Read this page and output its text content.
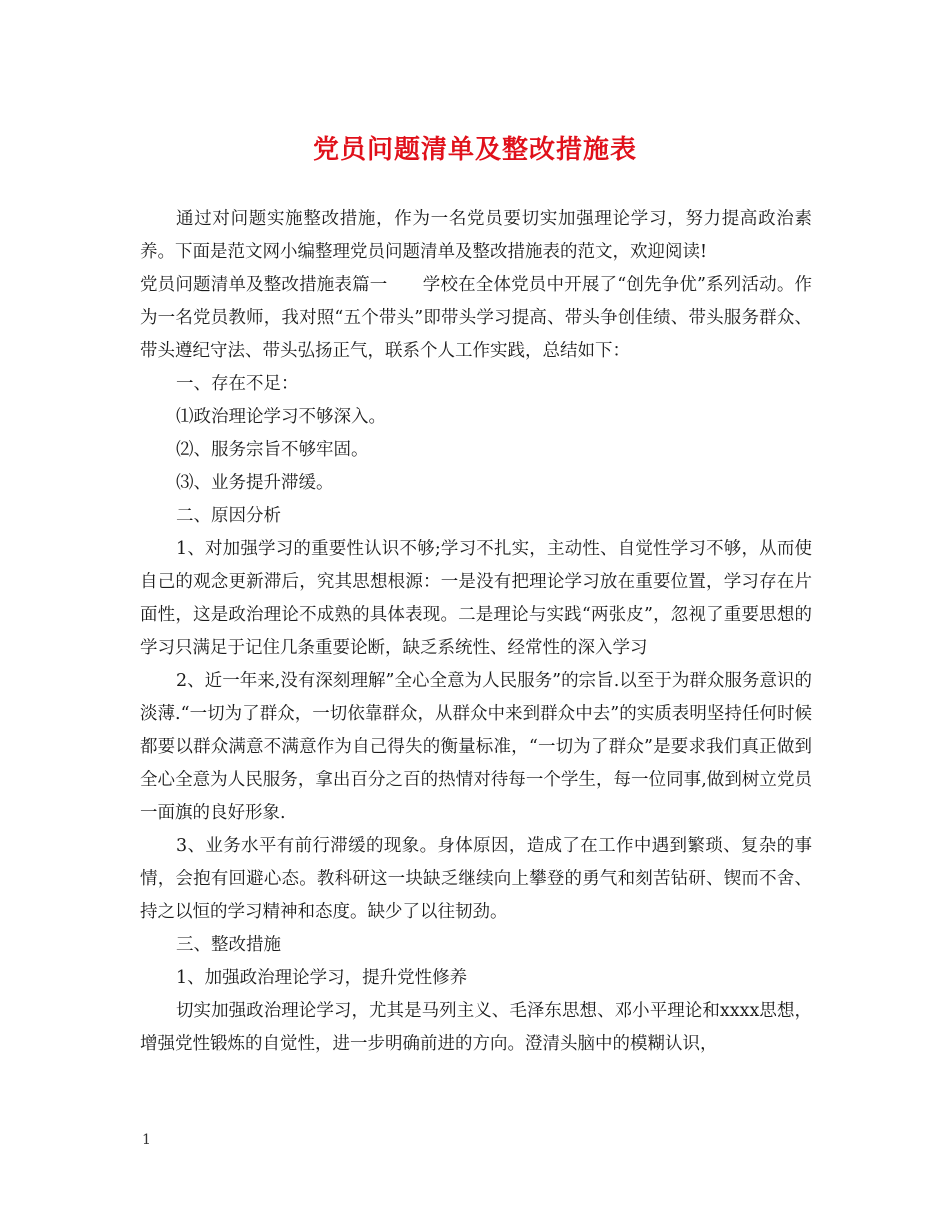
党员问题清单及整改措施表

通过对问题实施整改措施，作为一名党员要切实加强理论学习，努力提高政治素养。下面是范文网小编整理党员问题清单及整改措施表的范文，欢迎阅读!

党员问题清单及整改措施表篇一　　学校在全体党员中开展了“创先争优”系列活动。作为一名党员教师，我对照“五个带头”即带头学习提高、带头争创佳绩、带头服务群众、带头遵纪守法、带头弘扬正气，联系个人工作实践，总结如下：

一、存在不足：

⑴政治理论学习不够深入。

⑵、服务宗旨不够牢固。

⑶、业务提升滞缓。

二、原因分析

1、对加强学习的重要性认识不够;学习不扎实，主动性、自觉性学习不够，从而使自己的观念更新滞后，究其思想根源：一是没有把理论学习放在重要位置，学习存在片面性，这是政治理论不成熟的具体表现。二是理论与实践“两张皮”，忽视了重要思想的学习只满足于记住几条重要论断，缺乏系统性、经常性的深入学习

2、近一年来,没有深刻理解”全心全意为人民服务”的宗旨.以至于为群众服务意识的淡薄.“一切为了群众，一切依靠群众，从群众中来到群众中去”的实质表明坚持任何时候都要以群众满意不满意作为自己得失的衡量标准，“一切为了群众”是要求我们真正做到全心全意为人民服务，拿出百分之百的热情对待每一个学生，每一位同事,做到树立党员一面旗的良好形象.

3、业务水平有前行滞缓的现象。身体原因，造成了在工作中遇到繁琐、复杂的事情，会抱有回避心态。教科研这一块缺乏继续向上攀登的勇气和刻苦钻研、锲而不舍、持之以恒的学习精神和态度。缺少了以往韧劲。

三、整改措施

1、加强政治理论学习，提升党性修养

切实加强政治理论学习，尤其是马列主义、毛泽东思想、邓小平理论和xxxx思想，增强党性锻炼的自觉性，进一步明确前进的方向。澄清头脑中的模糊认识，

1
